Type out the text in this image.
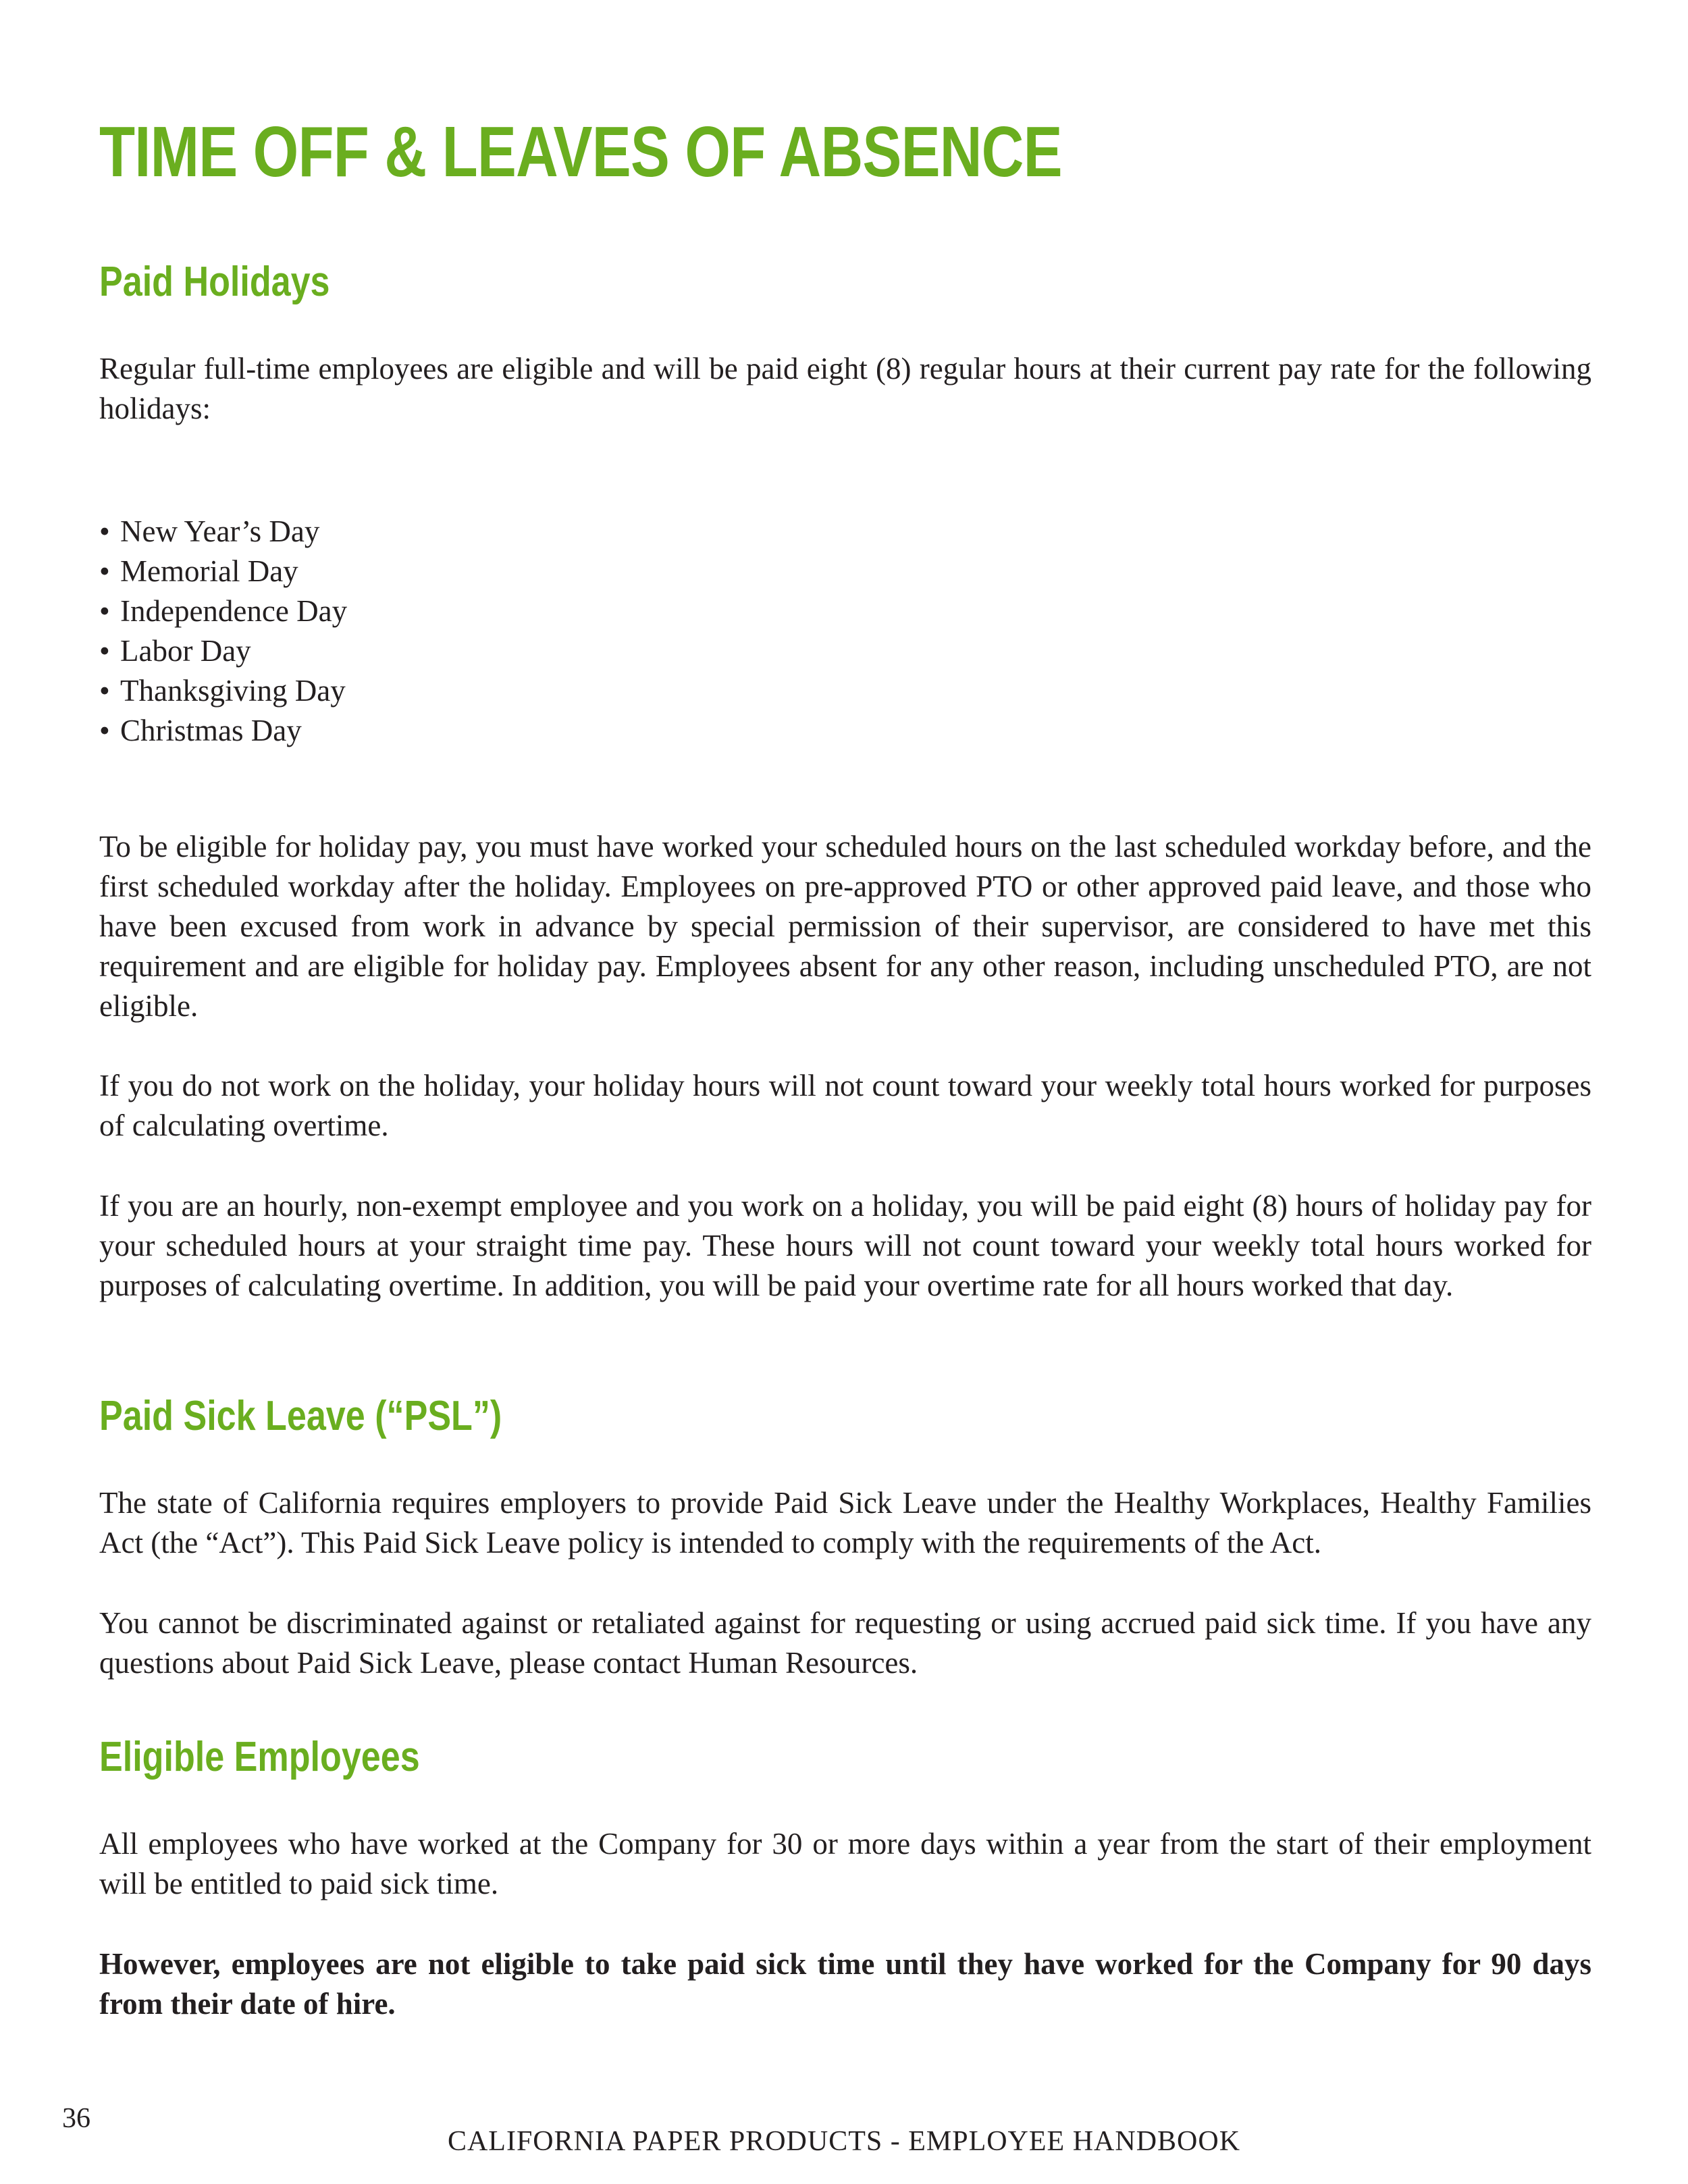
TIME OFF & LEAVES OF ABSENCE
Paid Holidays

Regular full-time employees are eligible and will be paid eight (8) regular hours at their current pay rate for the following holidays:

• New Year’s Day
• Memorial Day
• Independence Day
• Labor Day
• Thanksgiving Day
• Christmas Day

To be eligible for holiday pay, you must have worked your scheduled hours on the last scheduled workday before, and the first scheduled workday after the holiday. Employees on pre-approved PTO or other approved paid leave, and those who have been excused from work in advance by special permission of their supervisor, are considered to have met this requirement and are eligible for holiday pay. Employees absent for any other reason, including unscheduled PTO, are not eligible.

If you do not work on the holiday, your holiday hours will not count toward your weekly total hours worked for purposes of calculating overtime.

If you are an hourly, non-exempt employee and you work on a holiday, you will be paid eight (8) hours of holiday pay for your scheduled hours at your straight time pay. These hours will not count toward your weekly total hours worked for purposes of calculating overtime. In addition, you will be paid your overtime rate for all hours worked that day.

Paid Sick Leave (“PSL”)

The state of California requires employers to provide Paid Sick Leave under the Healthy Workplaces, Healthy Families Act (the “Act”). This Paid Sick Leave policy is intended to comply with the requirements of the Act.

You cannot be discriminated against or retaliated against for requesting or using accrued paid sick time. If you have any questions about Paid Sick Leave, please contact Human Resources.

Eligible Employees

All employees who have worked at the Company for 30 or more days within a year from the start of their employment will be entitled to paid sick time.

However, employees are not eligible to take paid sick time until they have worked for the Company for 90 days from their date of hire.

36
CALIFORNIA PAPER PRODUCTS - EMPLOYEE HANDBOOK
